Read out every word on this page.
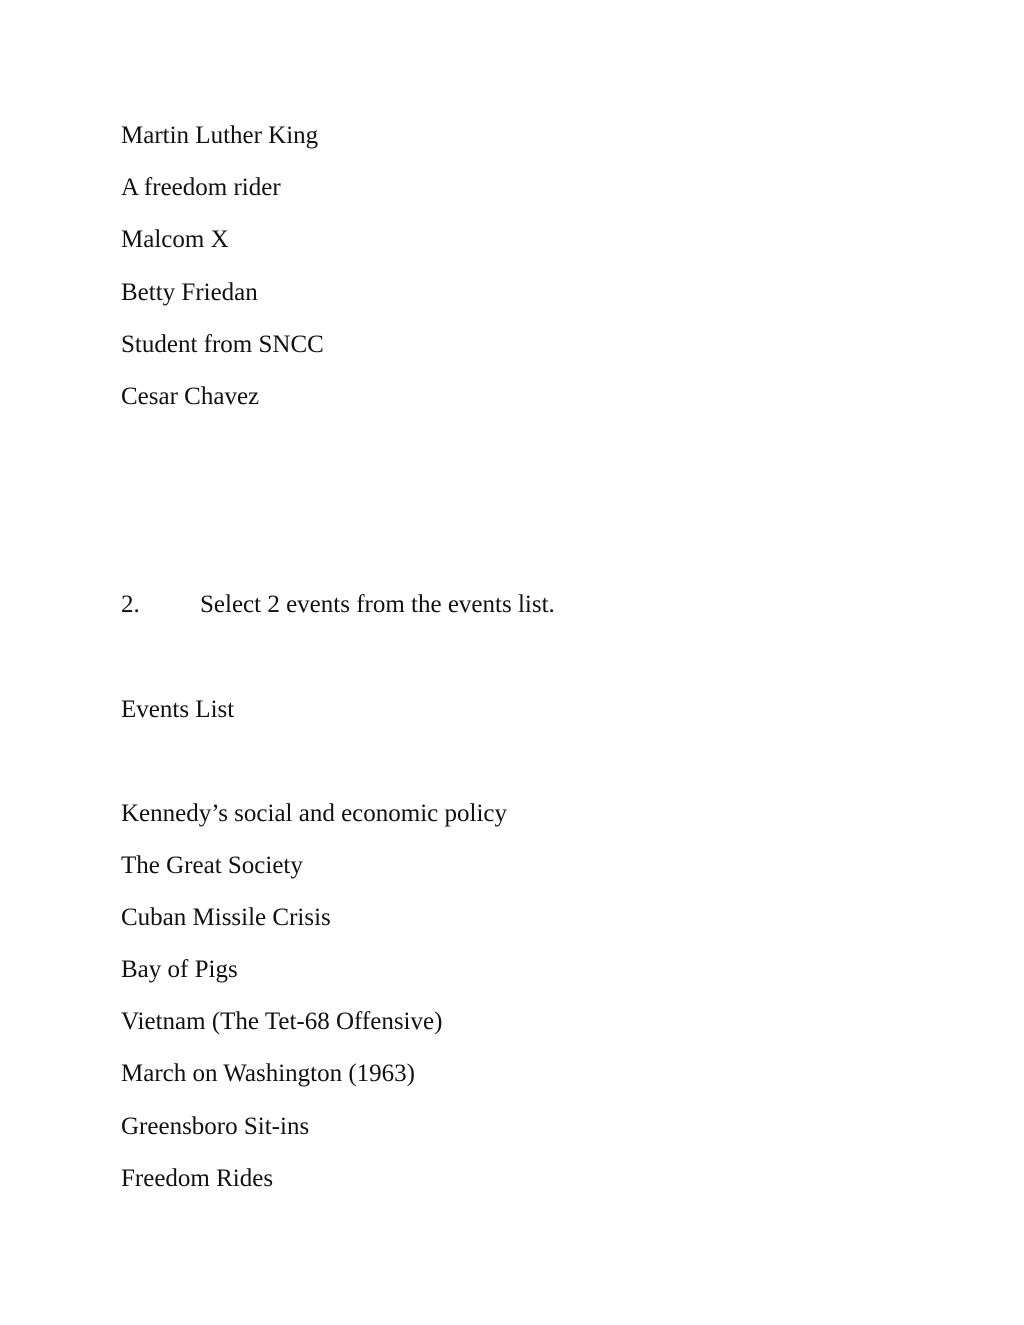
Martin Luther King
A freedom rider
Malcom X
Betty Friedan
Student from SNCC
Cesar Chavez
2. Select 2 events from the events list.
Events List
Kennedy’s social and economic policy
The Great Society
Cuban Missile Crisis
Bay of Pigs
Vietnam (The Tet-68 Offensive)
March on Washington (1963)
Greensboro Sit-ins
Freedom Rides
